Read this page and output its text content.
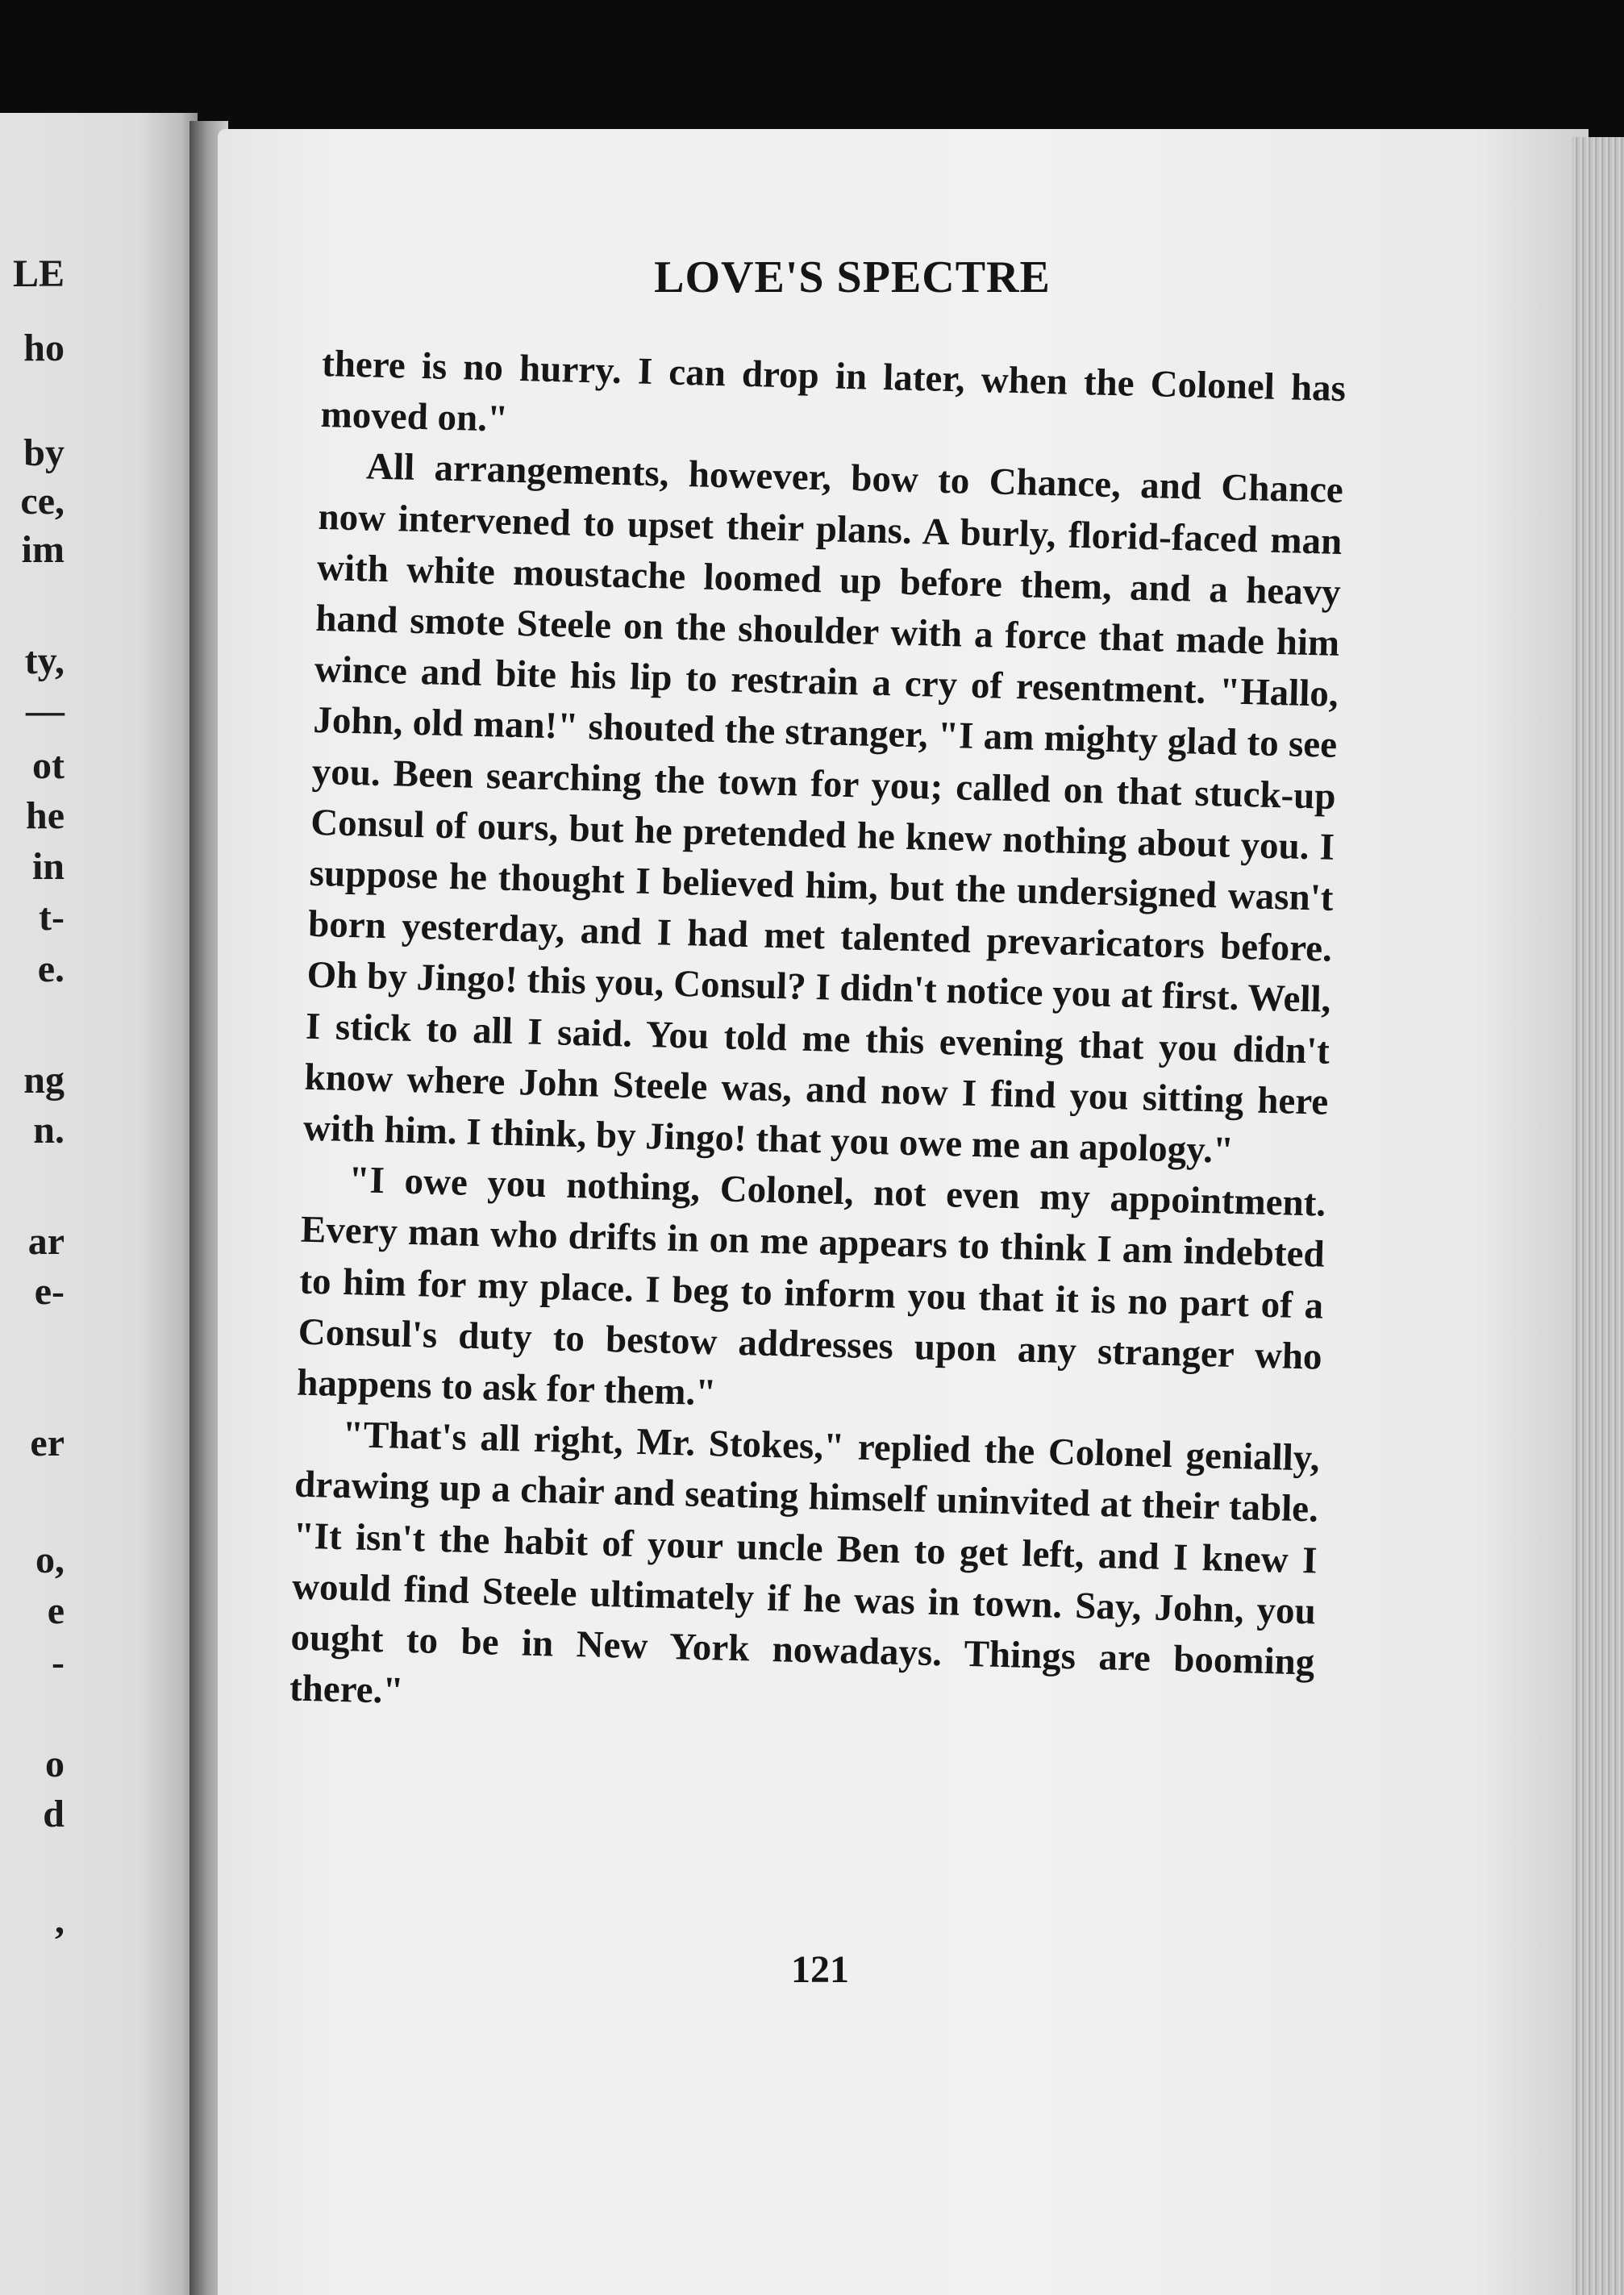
LE
ho
by
ce,
im
ty,
—
ot
he
in
t-
e.
ng
n.
ar
e-
er
o,
e
-
o
d
,
LOVE'S SPECTRE

there is no hurry. I can drop in later, when the Colonel has moved on."

All arrangements, however, bow to Chance, and Chance now intervened to upset their plans. A burly, florid-faced man with white moustache loomed up before them, and a heavy hand smote Steele on the shoulder with a force that made him wince and bite his lip to restrain a cry of resentment. "Hallo, John, old man!" shouted the stranger, "I am mighty glad to see you. Been searching the town for you; called on that stuck-up Consul of ours, but he pretended he knew nothing about you. I suppose he thought I believed him, but the undersigned wasn't born yesterday, and I had met talented prevaricators before. Oh by Jingo! this you, Consul? I didn't notice you at first. Well, I stick to all I said. You told me this evening that you didn't know where John Steele was, and now I find you sitting here with him. I think, by Jingo! that you owe me an apology."

"I owe you nothing, Colonel, not even my appointment. Every man who drifts in on me appears to think I am indebted to him for my place. I beg to inform you that it is no part of a Consul's duty to bestow addresses upon any stranger who happens to ask for them."

"That's all right, Mr. Stokes," replied the Colonel genially, drawing up a chair and seating himself uninvited at their table. "It isn't the habit of your uncle Ben to get left, and I knew I would find Steele ultimately if he was in town. Say, John, you ought to be in New York nowadays. Things are booming there."

121
